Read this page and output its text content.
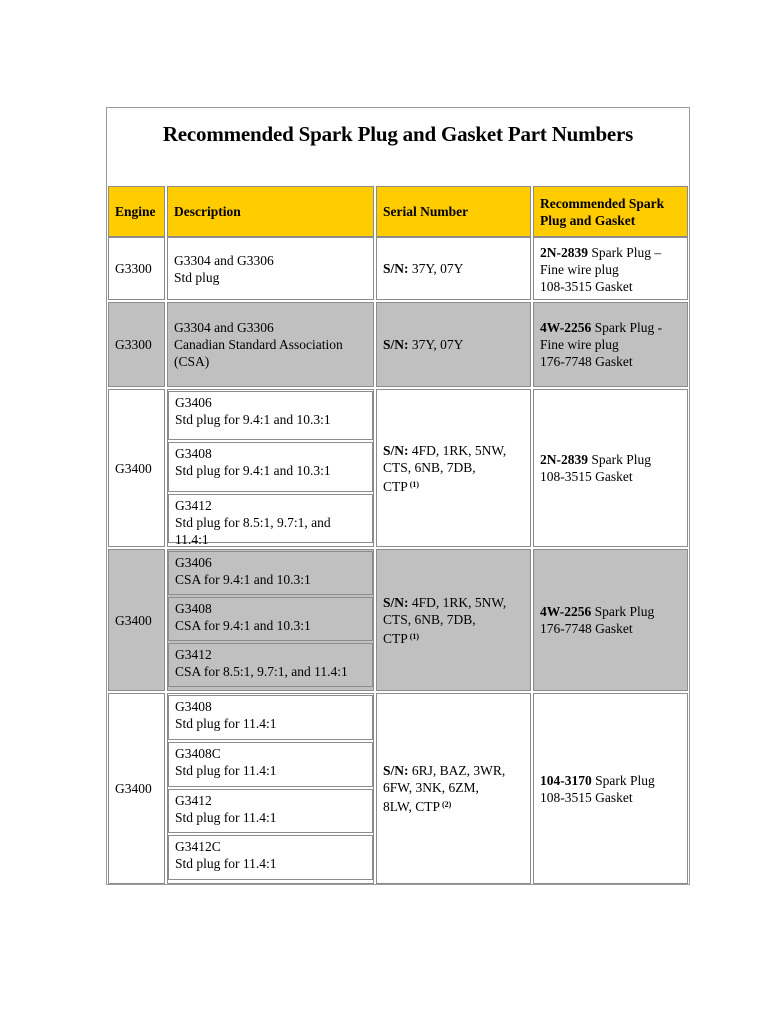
Recommended Spark Plug and Gasket Part Numbers
Engine Description	Serial Number
Recommended Spark Plug and Gasket
G3300
G3304 and G3306
Std plug
S/N: 37Y, 07Y
2N-2839 Spark Plug –
Fine wire plug
108-3515 Gasket
G3300
G3304 and G3306
Canadian Standard Association
(CSA)
S/N: 37Y, 07Y
4W-2256 Spark Plug -
Fine wire plug
176-7748 Gasket
G3400
G3406
Std plug for 9.4:1 and 10.3:1
G3408
Std plug for 9.4:1 and 10.3:1
G3412
Std plug for 8.5:1, 9.7:1, and
11.4:1
S/N: 4FD, 1RK, 5NW,
CTS, 6NB, 7DB,
CTP $^{(1)}$
2N-2839 Spark Plug
108-3515 Gasket
G3400
G3406
CSA for 9.4:1 and 10.3:1
G3408
CSA for 9.4:1 and 10.3:1
G3412
CSA for 8.5:1, 9.7:1, and 11.4:1
S/N: 4FD, 1RK, 5NW,
CTS, 6NB, 7DB,
CTP $^{(1)}$
4W-2256 Spark Plug
176-7748 Gasket
G3400
G3408
Std plug for 11.4:1
G3408C
Std plug for 11.4:1
G3412
Std plug for 11.4:1
G3412C
Std plug for 11.4:1
S/N: 6RJ, BAZ, 3WR,
6FW, 3NK, 6ZM,
8LW, CTP $^{(2)}$
104-3170 Spark Plug
108-3515 Gasket
